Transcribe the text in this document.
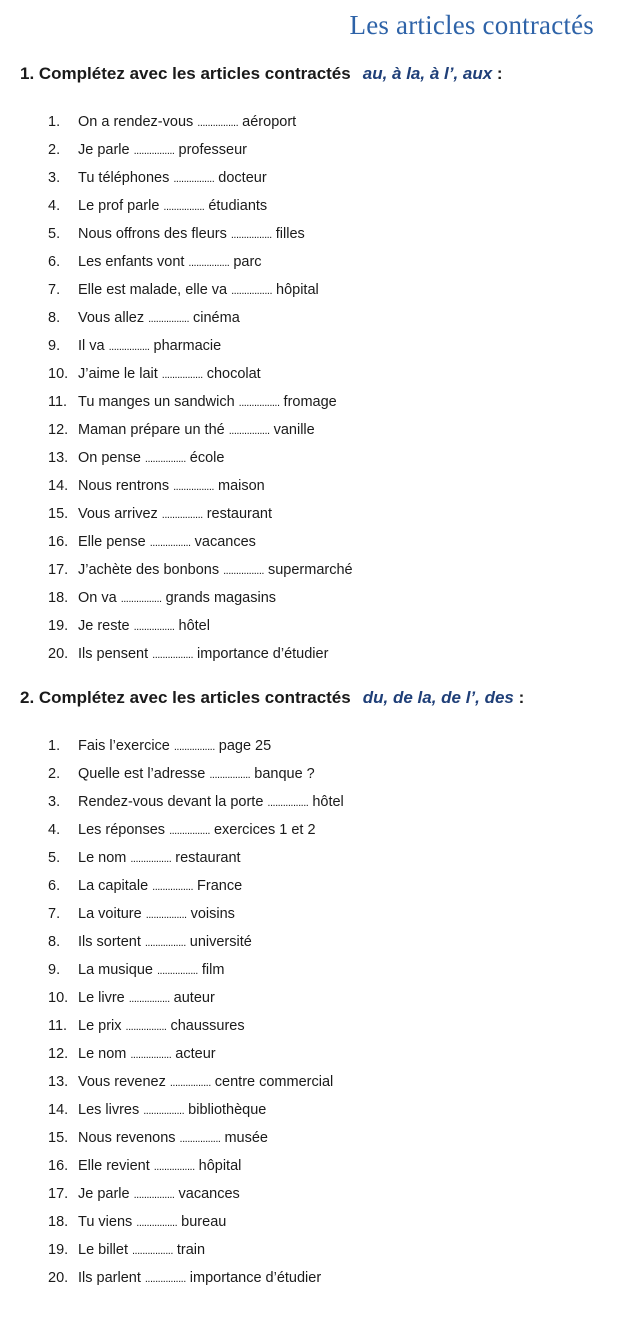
Les articles contractés
1. Complétez avec les articles contractés au, à la, à l’, aux :
1.	On a rendez-vous ................ aéroport
2.	Je parle ................ professeur
3.	Tu téléphones ................ docteur
4.	Le prof parle ................ étudiants
5.	Nous offrons des fleurs ................ filles
6.	Les enfants vont ................ parc
7.	Elle est malade, elle va ................ hôpital
8.	Vous allez ................ cinéma
9.	Il va ................ pharmacie
10. J’aime le lait ................ chocolat
11. Tu manges un sandwich ................ fromage
12. Maman prépare un thé ................ vanille
13. On pense ................ école
14. Nous rentrons ................ maison
15. Vous arrivez ................ restaurant
16. Elle pense ................ vacances
17. J’achète des bonbons ................ supermarché
18. On va ................ grands magasins
19. Je reste ................ hôtel
20. Ils pensent ................ importance d’étudier
2. Complétez avec les articles contractés du, de la, de l’, des :
1.	Fais l’exercice ................ page 25
2.	Quelle est l’adresse ................ banque ?
3.	Rendez-vous devant la porte ................ hôtel
4.	Les réponses ................ exercices 1 et 2
5.	Le nom ................ restaurant
6.	La capitale ................ France
7.	La voiture ................ voisins
8.	Ils sortent ................ université
9.	La musique ................ film
10. Le livre ................ auteur
11. Le prix ................ chaussures
12. Le nom ................ acteur
13. Vous revenez ................ centre commercial
14. Les livres ................ bibliothèque
15. Nous revenons ................ musée
16. Elle revient ................ hôpital
17. Je parle ................ vacances
18. Tu viens ................ bureau
19. Le billet ................ train
20. Ils parlent ................ importance d’étudier
